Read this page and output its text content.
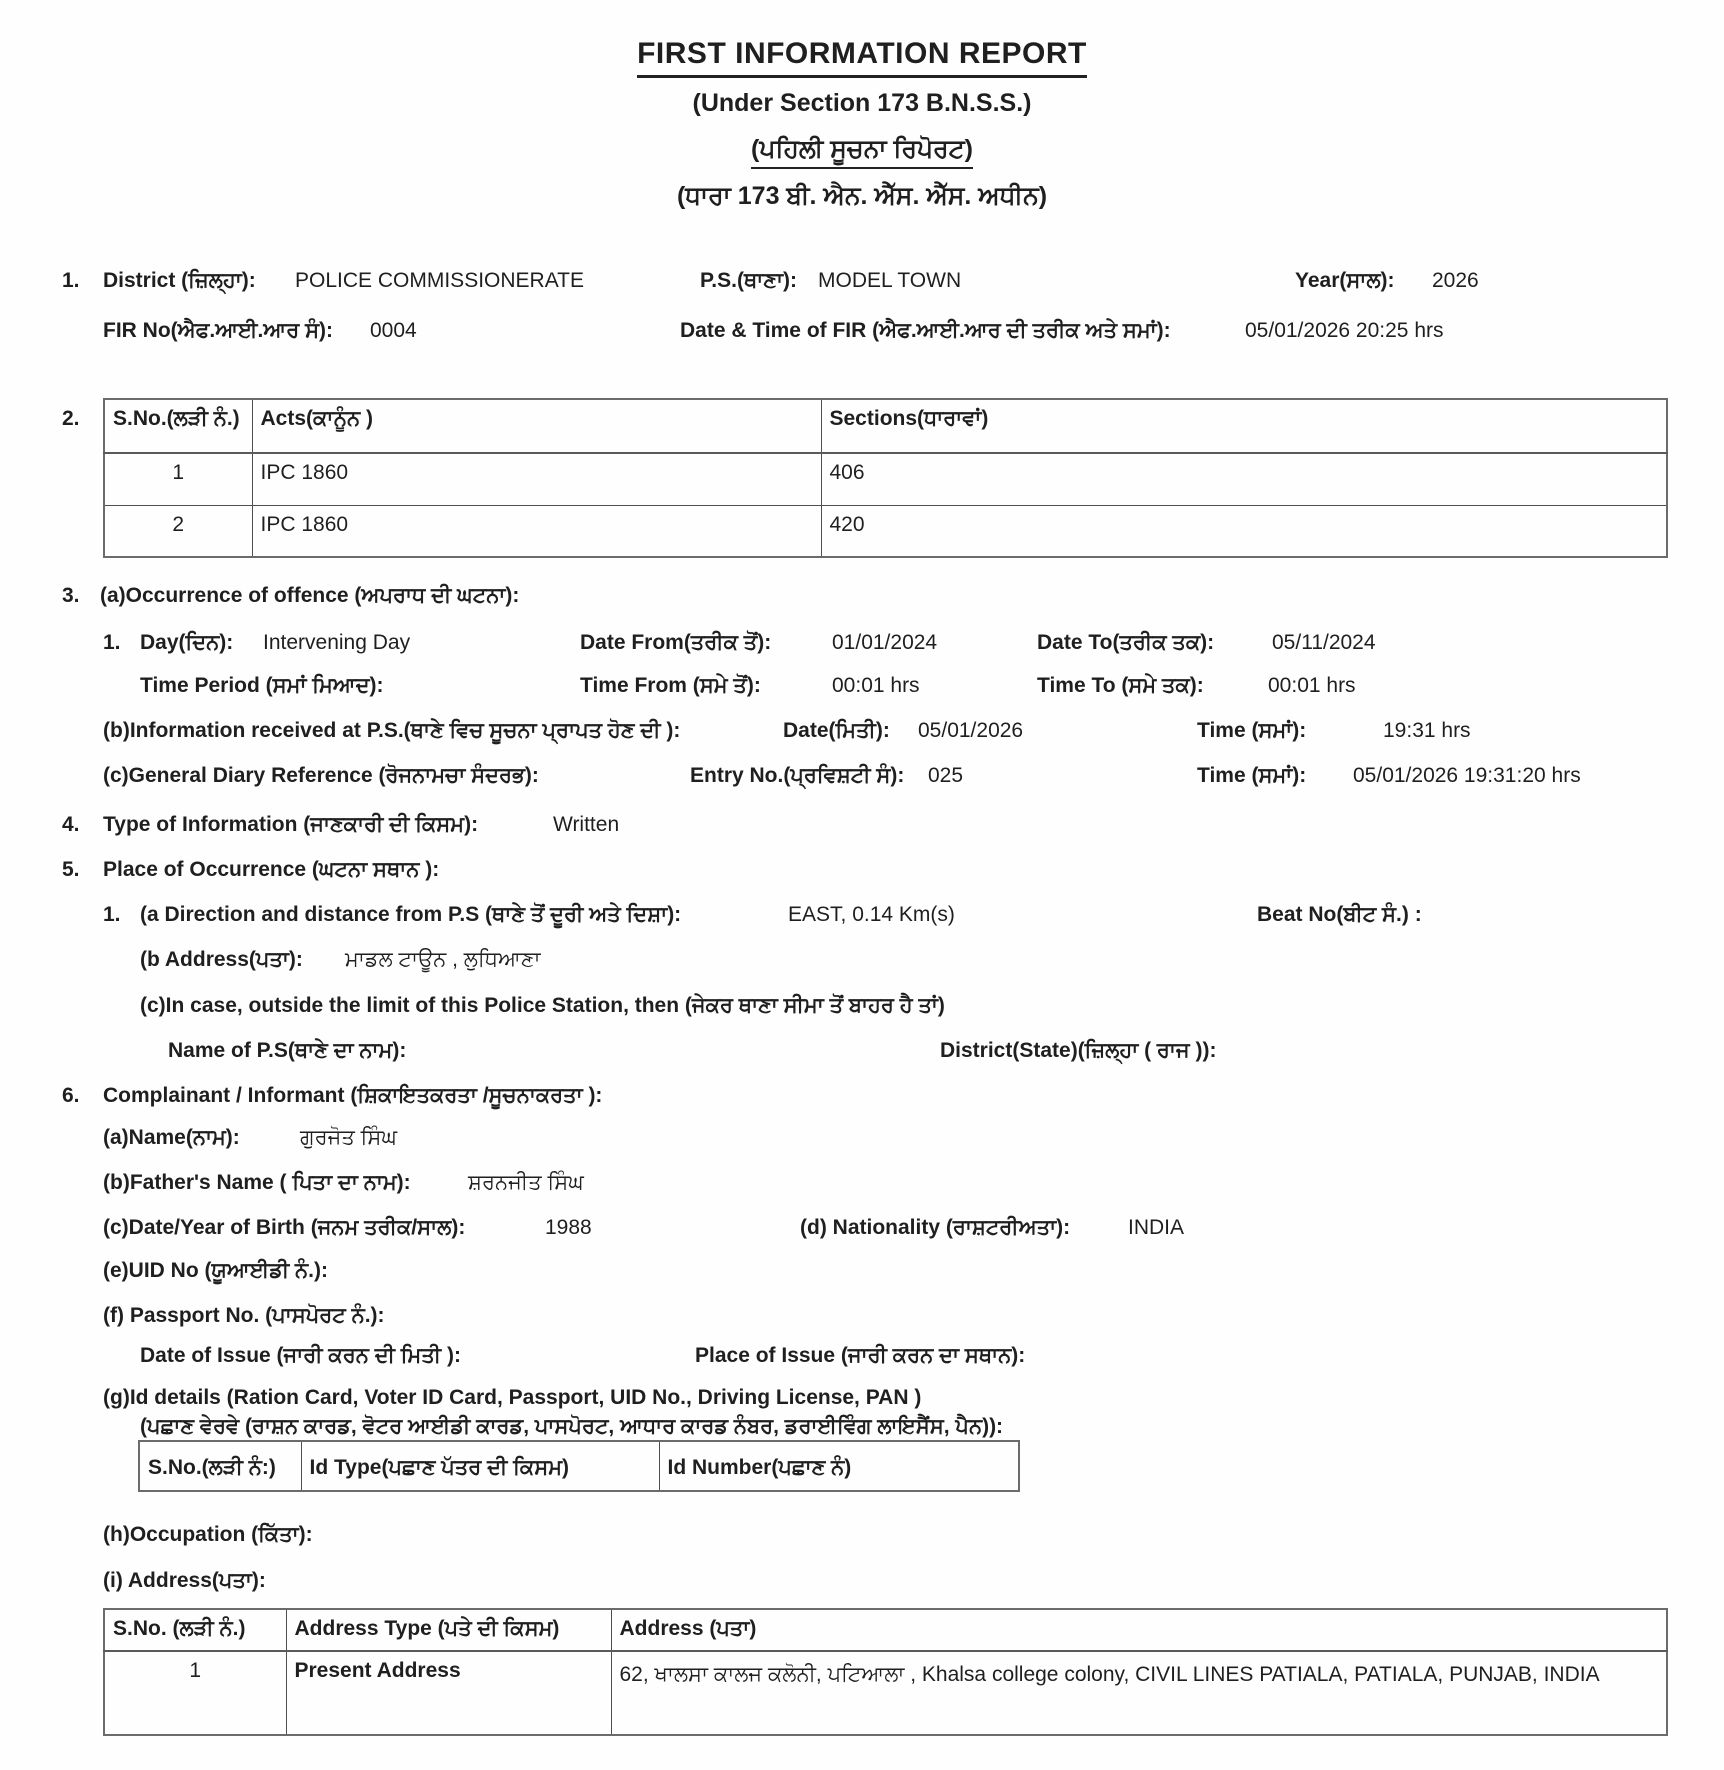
FIRST INFORMATION REPORT
(Under Section 173 B.N.S.S.)
(ਪਹਿਲੀ ਸੂਚਨਾ ਰਿਪੋਰਟ)
(ਧਾਰਾ 173 ਬੀ. ਐਨ. ਐੱਸ. ਐੱਸ. ਅਧੀਨ)
1. District (ਜ਼ਿਲ੍ਹਾ): POLICE COMMISSIONERATE	P.S.(ਥਾਣਾ): MODEL TOWN	Year(ਸਾਲ): 2026
FIR No(ਐਫ.ਆਈ.ਆਰ ਸੰ): 0004	Date & Time of FIR (ਐਫ.ਆਈ.ਆਰ ਦੀ ਤਰੀਕ ਅਤੇ ਸਮਾਂ):	05/01/2026 20:25 hrs
2. S.No.(ਲੜੀ ਨੰ.)	Acts(ਕਾਨੂੰਨ )	Sections(ਧਾਰਾਵਾਂ)
1	IPC 1860	406
2	IPC 1860	420
3. (a)Occurrence of offence (ਅਪਰਾਧ ਦੀ ਘਟਨਾ):
1. Day(ਦਿਨ): Intervening Day	Date From(ਤਰੀਕ ਤੋਂ):	01/01/2024	Date To(ਤਰੀਕ ਤਕ):	05/11/2024
Time Period (ਸਮਾਂ ਮਿਆਦ):	Time From (ਸਮੇ ਤੋਂ):	00:01 hrs	Time To (ਸਮੇ ਤਕ):	00:01 hrs
(b)Information received at P.S.(ਥਾਣੇ ਵਿਚ ਸੂਚਨਾ ਪ੍ਰਾਪਤ ਹੋਣ ਦੀ ):	Date(ਮਿਤੀ): 05/01/2026	Time (ਸਮਾਂ):	19:31 hrs
(c)General Diary Reference (ਰੋਜਨਾਮਚਾ ਸੰਦਰਭ):	Entry No.(ਪ੍ਰਵਿਸ਼ਟੀ ਸੰ): 025	Time (ਸਮਾਂ): 05/01/2026 19:31:20 hrs
4. Type of Information (ਜਾਣਕਾਰੀ ਦੀ ਕਿਸਮ):	Written
5. Place of Occurrence (ਘਟਨਾ ਸਥਾਨ ):
1. (a Direction and distance from P.S (ਥਾਣੇ ਤੋਂ ਦੂਰੀ ਅਤੇ ਦਿਸ਼ਾ):	EAST, 0.14 Km(s)	Beat No(ਬੀਟ ਸੰ.) :
(b Address(ਪਤਾ): ਮਾਡਲ ਟਾਊਨ , ਲੁਧਿਆਣਾ
(c)In case, outside the limit of this Police Station, then (ਜੇਕਰ ਥਾਣਾ ਸੀਮਾ ਤੋਂ ਬਾਹਰ ਹੈ ਤਾਂ)
Name of P.S(ਥਾਣੇ ਦਾ ਨਾਮ):	District(State)(ਜ਼ਿਲ੍ਹਾ ( ਰਾਜ )):
6. Complainant / Informant (ਸ਼ਿਕਾਇਤਕਰਤਾ /ਸੂਚਨਾਕਰਤਾ ):
(a)Name(ਨਾਮ):	ਗੁਰਜੋਤ ਸਿੰਘ
(b)Father's Name ( ਪਿਤਾ ਦਾ ਨਾਮ):	ਸ਼ਰਨਜੀਤ ਸਿੰਘ
(c)Date/Year of Birth (ਜਨਮ ਤਰੀਕ/ਸਾਲ):	1988	(d) Nationality (ਰਾਸ਼ਟਰੀਅਤਾ):	INDIA
(e)UID No (ਯੂਆਈਡੀ ਨੰ.):
(f) Passport No. (ਪਾਸਪੋਰਟ ਨੰ.):
Date of Issue (ਜਾਰੀ ਕਰਨ ਦੀ ਮਿਤੀ ):	Place of Issue (ਜਾਰੀ ਕਰਨ ਦਾ ਸਥਾਨ):
(g)Id details (Ration Card, Voter ID Card, Passport, UID No., Driving License, PAN )
(ਪਛਾਣ ਵੇਰਵੇ (ਰਾਸ਼ਨ ਕਾਰਡ, ਵੋਟਰ ਆਈਡੀ ਕਾਰਡ, ਪਾਸਪੋਰਟ, ਆਧਾਰ ਕਾਰਡ ਨੰਬਰ, ਡਰਾਈਵਿੰਗ ਲਾਇਸੈਂਸ, ਪੈਨ)):
S.No.(ਲੜੀ ਨੰ:)	Id Type(ਪਛਾਣ ਪੱਤਰ ਦੀ ਕਿਸਮ)	Id Number(ਪਛਾਣ ਨੰ)
(h)Occupation (ਕਿੱਤਾ):
(i) Address(ਪਤਾ):
S.No. (ਲੜੀ ਨੰ.)	Address Type (ਪਤੇ ਦੀ ਕਿਸਮ)	Address (ਪਤਾ)
1	Present Address	62, ਖਾਲਸਾ ਕਾਲਜ ਕਲੋਨੀ, ਪਟਿਆਲਾ , Khalsa college colony, CIVIL LINES PATIALA, PATIALA, PUNJAB, INDIA
